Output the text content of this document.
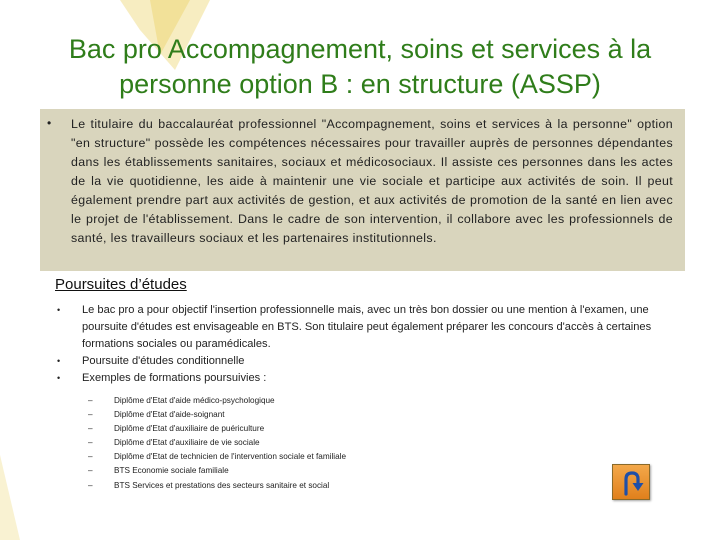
Bac pro Accompagnement, soins et services à la personne option B : en structure (ASSP)
• Le titulaire du baccalauréat professionnel "Accompagnement, soins et services à la personne" option "en structure" possède les compétences nécessaires pour travailler auprès de personnes dépendantes dans les établissements sanitaires, sociaux et médicosociaux. Il assiste ces personnes dans les actes de la vie quotidienne, les aide à maintenir une vie sociale et participe aux activités de soin. Il peut également prendre part aux activités de gestion, et aux activités de promotion de la santé en lien avec le projet de l'établissement. Dans le cadre de son intervention, il collabore avec les professionnels de santé, les travailleurs sociaux et les partenaires institutionnels.
Poursuites d’études
• Le bac pro a pour objectif l'insertion professionnelle mais, avec un très bon dossier ou une mention à l'examen, une poursuite d'études est envisageable en BTS. Son titulaire peut également préparer les concours d'accès à certaines formations sociales ou paramédicales.
• Poursuite d'études conditionnelle
• Exemples de formations poursuivies :
–	Diplôme d'Etat d'aide médico-psychologique
–	Diplôme d'Etat d'aide-soignant
–	Diplôme d'Etat d'auxiliaire de puériculture
–	Diplôme d'Etat d'auxiliaire de vie sociale
–	Diplôme d'Etat de technicien de l'intervention sociale et familiale
–	BTS Economie sociale familiale
–	BTS Services et prestations des secteurs sanitaire et social
